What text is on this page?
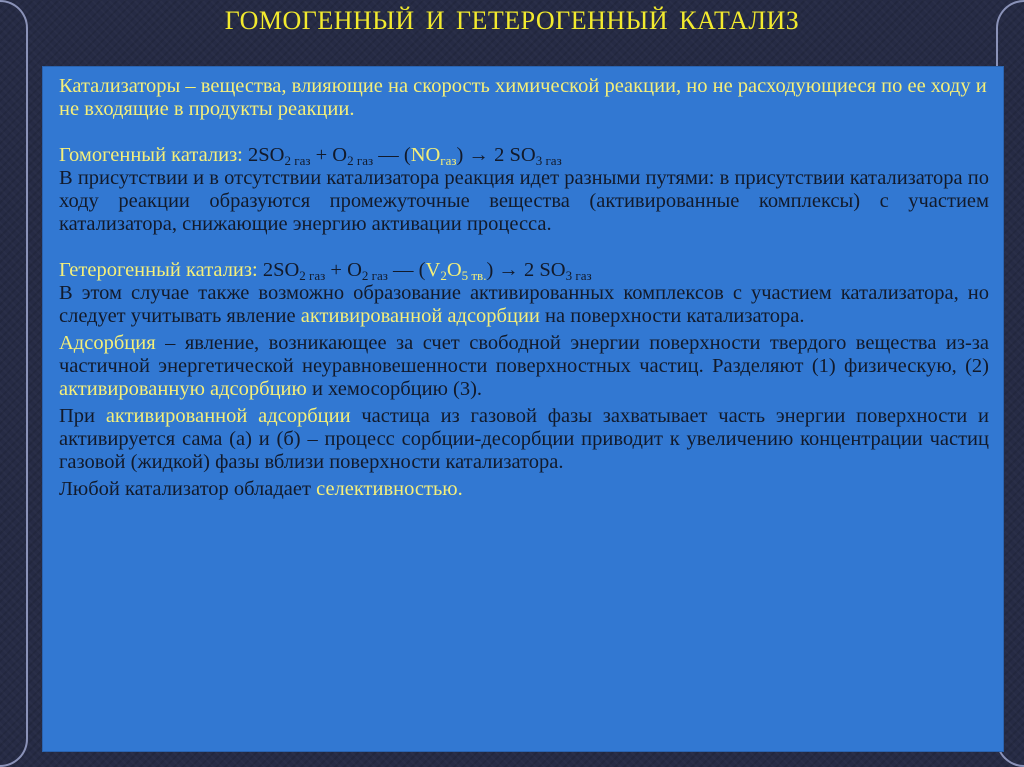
ГОМОГЕННЫЙ И ГЕТЕРОГЕННЫЙ КАТАЛИЗ

Катализаторы – вещества, влияющие на скорость химической реакции, но не расходующиеся по ее ходу и не входящие в продукты реакции.

Гомогенный катализ: $2SO_{2 газ} + O_{2 газ}$ — $(NO_{газ}) \to 2$ $SO_{3 газ}$

В присутствии и в отсутствии катализатора реакция идет разными путями: в присутствии катализатора по ходу реакции образуются промежуточные вещества (активированные комплексы) с участием катализатора, снижающие энергию активации процесса.

Гетерогенный катализ: $2SO_{2 газ} + O_{2 газ}$ — $(V_2O_{5 тв.}) \to 2$ $SO_{3 газ}$

В этом случае также возможно образование активированных комплексов с участием катализатора, но следует учитывать явление активированной адсорбции на поверхности катализатора.

Адсорбция – явление, возникающее за счет свободной энергии поверхности твердого вещества из-за частичной энергетической неуравновешенности поверхностных частиц. Разделяют (1) физическую, (2) активированную адсорбцию и хемосорбцию (3).

При активированной адсорбции частица из газовой фазы захватывает часть энергии поверхности и активируется сама (а) и (б) – процесс сорбции-десорбции приводит к увеличению концентрации частиц газовой (жидкой) фазы вблизи поверхности катализатора.

Любой катализатор обладает селективностью.
